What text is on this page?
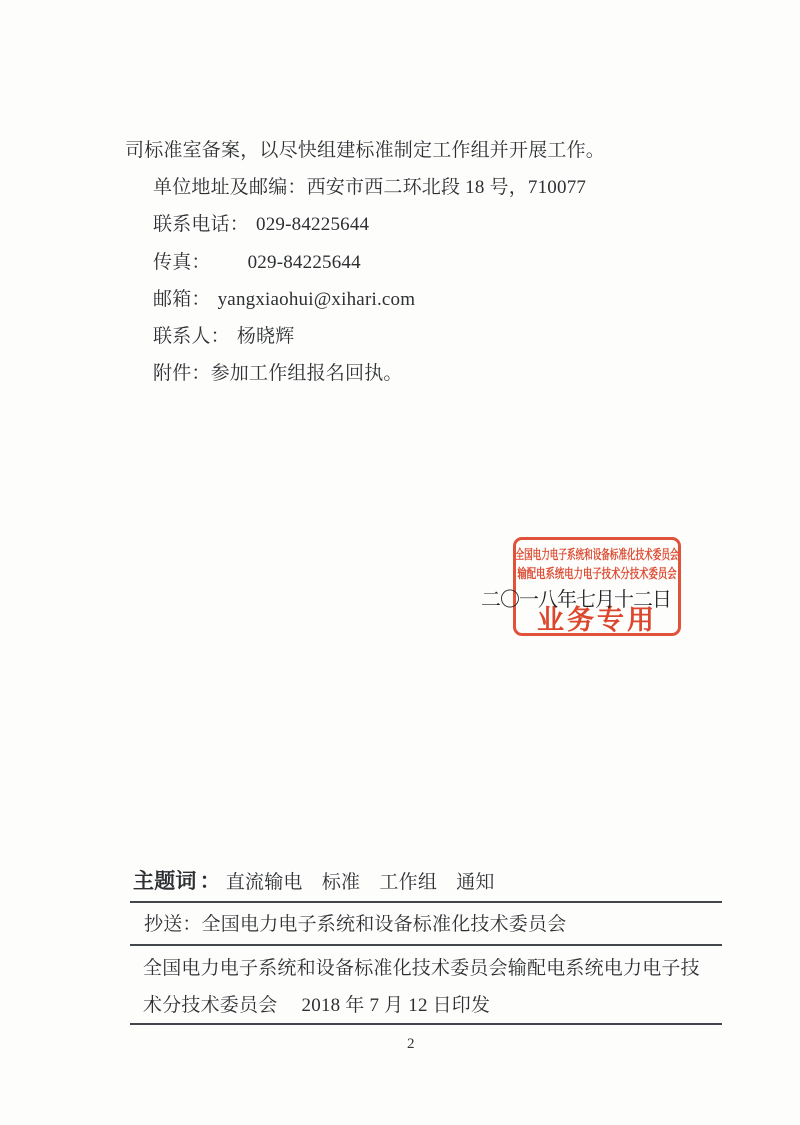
司标准室备案，以尽快组建标准制定工作组并开展工作。
单位地址及邮编：西安市西二环北段 18 号，710077
联系电话： 029-84225644
传真： 029-84225644
邮箱： yangxiaohui@xihari.com
联系人： 杨晓辉
附件：参加工作组报名回执。
二〇一八年七月十二日
全国电力电子系统和设备标准化技术委员会
输配电系统电力电子技术分技术委员会
业务专用
主题词 ： 直流输电　标准　工作组　通知
抄送：全国电力电子系统和设备标准化技术委员会
全国电力电子系统和设备标准化技术委员会输配电系统电力电子技
术分技术委员会　 2018 年 7 月 12 日印发
2
